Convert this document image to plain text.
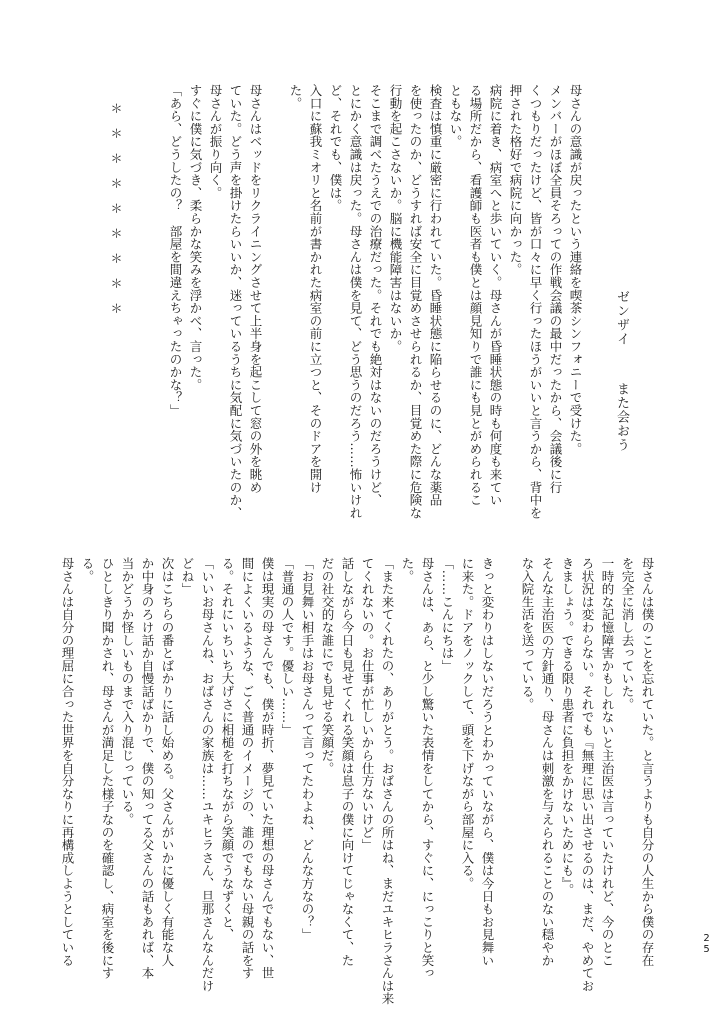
また会おう
ゼンザイ
母さんの意識が戻ったという連絡を喫茶シンフォニーで受けた。
メンバーがほぼ全員そろっての作戦会議の最中だったから、会議後に行
くつもりだったけど、皆が口々に早く行ったほうがいいと言うから、背中を
押された格好で病院に向かった。
病院に着き、病室へと歩いていく。母さんが昏睡状態の時も何度も来てい
る場所だから、看護師も医者も僕とは顔見知りで誰にも見とがめられるこ
ともない。
検査は慎重に厳密に行われていた。昏睡状態に陥らせるのに、どんな薬品
を使ったのか、どうすれば安全に目覚めさせられるか、目覚めた際に危険な
行動を起こさないか。脳に機能障害はないか。
そこまで調べたうえでの治療だった。それでも絶対はないのだろうけど、
とにかく意識は戻った。母さんは僕を見て、どう思うのだろう……怖いけれ
ど、それでも、僕は。
入口に蘇我ミオリと名前が書かれた病室の前に立つと、そのドアを開け
た。

母さんはベッドをリクライニングさせて上半身を起こして窓の外を眺め
ていた。どう声を掛けたらいいか、迷っているうちに気配に気づいたのか、
母さんが振り向く。
すぐに僕に気づき、柔らかな笑みを浮かべ、言った。
「あら、どうしたの？　部屋を間違えちゃったのかな？」
＊＊＊＊＊＊＊＊＊
母さんは僕のことを忘れていた。と言うよりも自分の人生から僕の存在
を完全に消し去っていた。
一時的な記憶障害かもしれないと主治医は言っていたけれど、今のとこ
ろ状況は変わらない。それでも『無理に思い出させるのは、まだ、やめてお
きましょう。できる限り患者に負担をかけないためにも』。
そんな主治医の方針通り、母さんは刺激を与えられることのない穏やか
な入院生活を送っている。

きっと変わりはしないだろうとわかっていながら、僕は今日もお見舞い
に来た。ドアをノックして、頭を下げながら部屋に入る。
「……こんにちは」
母さんは、あら、と少し驚いた表情をしてから、すぐに、にっこりと笑っ
た。
「また来てくれたの、ありがとう。おばさんの所はね、まだユキヒラさんは来
てくれないの。お仕事が忙しいから仕方ないけど」
話しながら今日も見せてくれる笑顔は息子の僕に向けてじゃなくて、た
だの社交的な誰にでも見せる笑顔だ。
「お見舞い相手はお母さんって言ってたわよね、どんな方なの？」
「普通の人です。優しい……」
僕は現実の母さんでも、僕が時折、夢見ていた理想の母さんでもない、世
間によくいるような、ごく普通のイメージの、誰のでもない母親の話をす
る。それにいちいち大げさに相槌を打ちながら笑顔でうなずくと、
「いいお母さんね、おばさんの家族は……ユキヒラさん、旦那さんなんだけ
どね」
次はこちらの番とばかりに話し始める。父さんがいかに優しく有能な人
か中身のろけ話か自慢話ばかりで、僕の知ってる父さんの話もあれば、本
当かどうか怪しいものまで入り混じっている。
ひとしきり聞かされ、母さんが満足した様子なのを確認し、病室を後にす
る。
母さんは自分の理屈に合った世界を自分なりに再構成しようとしている	25
